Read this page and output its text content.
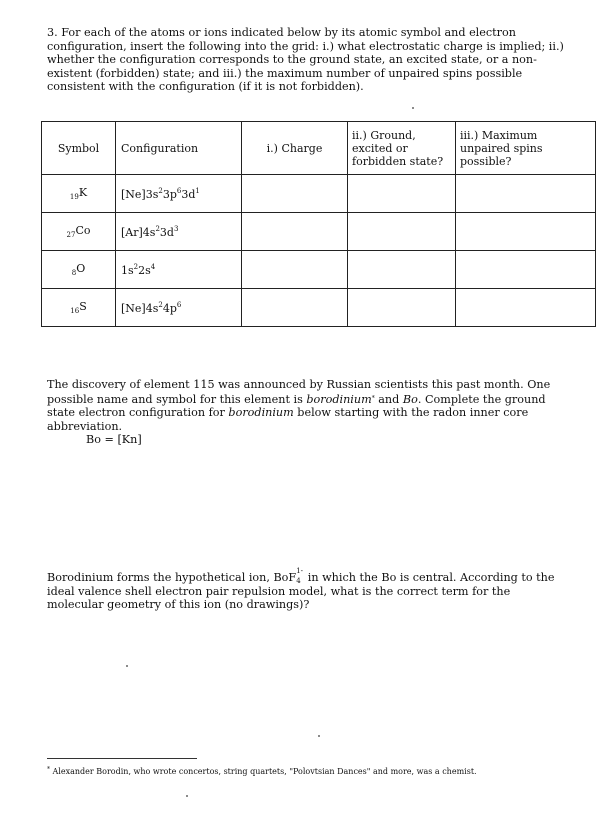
3. For each of the atoms or ions indicated below by its atomic symbol and electron configuration, insert the following into the grid: i.) what electrostatic charge is implied; ii.) whether the configuration corresponds to the ground state, an excited state, or a non-existent (forbidden) state; and iii.) the maximum number of unpaired spins possible consistent with the configuration (if it is not forbidden).

Symbol	Configuration	i.) Charge	ii.) Ground,
excited or
forbidden state?	iii.) Maximum
unpaired spins
possible?

$_{19}$K	$[Ne]3s^23p^63d^1$			
$_{27}$Co	$[Ar]4s^23d^3$			
$_8$O	$1s^22s^4$			
$_{16}$S	$[Ne]4s^24p^6$			

The discovery of element 115 was announced by Russian scientists this past month. One possible name and symbol for this element is borodinium* and Bo. Complete the ground state electron configuration for borodinium below starting with the radon inner core abbreviation.

Bo = [Kn]

Borodinium forms the hypothetical ion, BoF 1-
4 in which the Bo is central. According to the ideal valence shell electron pair repulsion model, what is the correct term for the molecular geometry of this ion (no drawings)?

* Alexander Borodin, who wrote concertos, string quartets, "Polovtsian Dances" and more, was a chemist.
